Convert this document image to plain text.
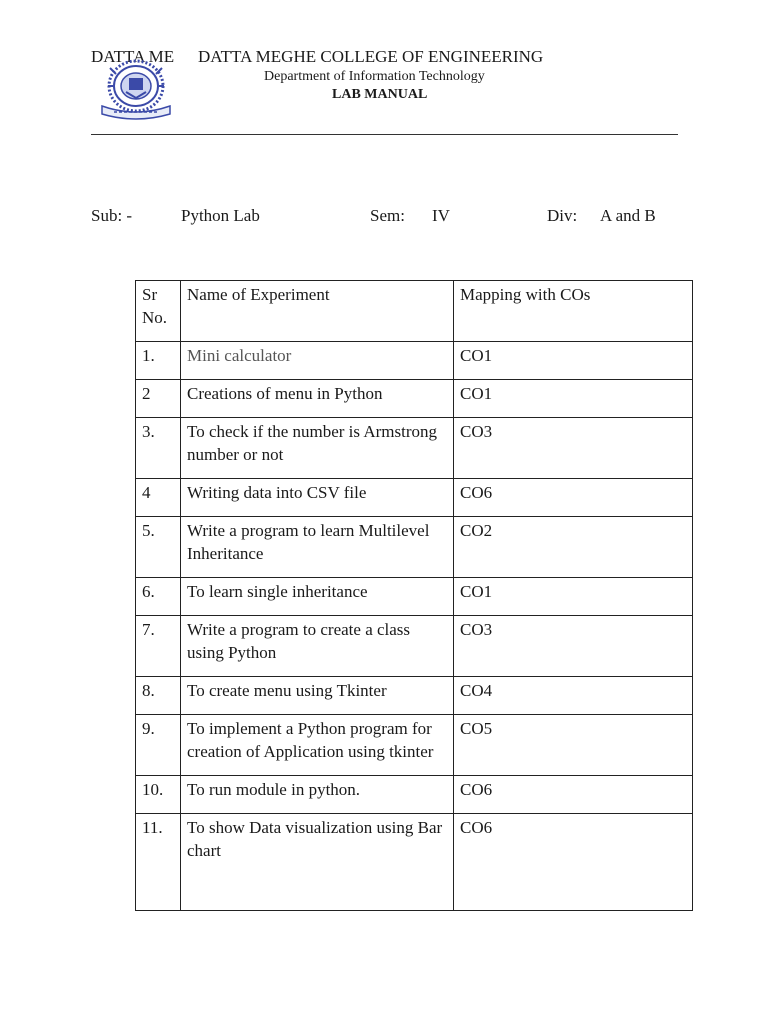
DATTA ME DATTA MEGHE COLLEGE OF ENGINEERING
Department of Information Technology
LAB MANUAL
Sub: -	Python Lab	Sem: IV	Div: A and B
Sr No.	Name of Experiment	Mapping with COs
1.	Mini calculator	CO1
2	Creations of menu in Python	CO1
3.	To check if the number is Armstrong number or not	CO3
4	Writing data into CSV file	CO6
5.	Write a program to learn Multilevel Inheritance	CO2
6.	To learn single inheritance	CO1
7.	Write a program to create a class using Python	CO3
8.	To create menu using Tkinter	CO4
9.	To implement a Python program for creation of Application using tkinter	CO5
10.	To run module in python.	CO6
11.	To show Data visualization using Bar chart	CO6
